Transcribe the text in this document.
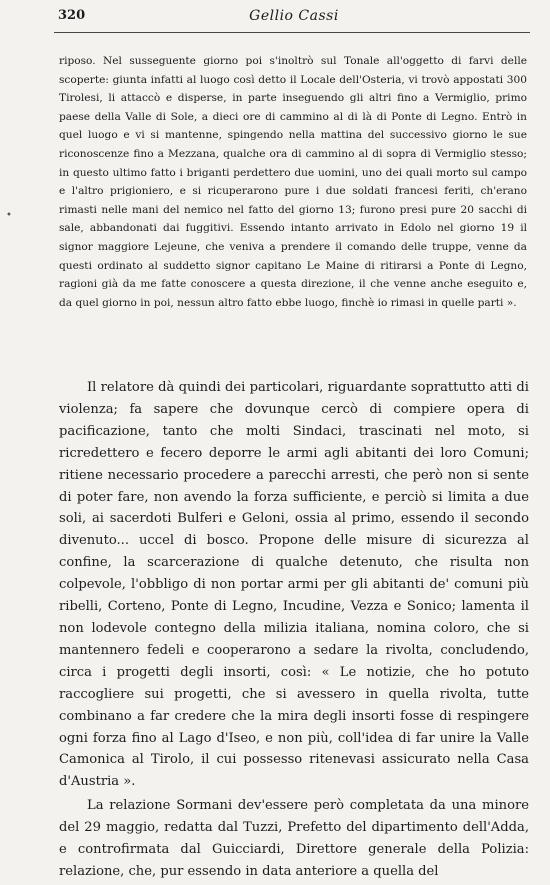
320	Gellio Cassi
•

riposo. Nel susseguente giorno poi s'inoltrò sul Tonale all'oggetto di farvi delle scoperte: giunta infatti al luogo così detto il Locale dell'Osteria, vi trovò appostati 300 Tirolesi, li attaccò e disperse, in parte inseguendo gli altri fino a Vermiglio, primo paese della Valle di Sole, a dieci ore di cammino al di là di Ponte di Legno. Entrò in quel luogo e vi si mantenne, spingendo nella mattina del successivo giorno le sue riconoscenze fino a Mezzana, qualche ora di cammino al di sopra di Vermiglio stesso; in questo ultimo fatto i briganti perdettero due uomini, uno dei quali morto sul campo e l'altro prigioniero, e si ricuperarono pure i due soldati francesi feriti, ch'erano rimasti nelle mani del nemico nel fatto del giorno 13; furono presi pure 20 sacchi di sale, abbandonati dai fuggitivi. Essendo intanto arrivato in Edolo nel giorno 19 il signor maggiore Lejeune, che veniva a prendere il comando delle truppe, venne da questi ordinato al suddetto signor capitano Le Maine di ritirarsi a Ponte di Legno, ragioni già da me fatte conoscere a questa direzione, il che venne anche eseguito e, da quel giorno in poi, nessun altro fatto ebbe luogo, finchè io rimasi in quelle parti ».

Il relatore dà quindi dei particolari, riguardante soprattutto atti di violenza; fa sapere che dovunque cercò di compiere opera di pacificazione, tanto che molti Sindaci, trascinati nel moto, si ricredettero e fecero deporre le armi agli abitanti dei loro Comuni; ritiene necessario procedere a parecchi arresti, che però non si sente di poter fare, non avendo la forza sufficiente, e perciò si limita a due soli, ai sacerdoti Bulferi e Geloni, ossia al primo, essendo il secondo divenuto... uccel di bosco. Propone delle misure di sicurezza al confine, la scarcerazione di qualche detenuto, che risulta non colpevole, l'obbligo di non portar armi per gli abitanti de' comuni più ribelli, Corteno, Ponte di Legno, Incudine, Vezza e Sonico; lamenta il non lodevole contegno della milizia italiana, nomina coloro, che si mantennero fedeli e cooperarono a sedare la rivolta, concludendo, circa i progetti degli insorti, così: « Le notizie, che ho potuto raccogliere sui progetti, che si avessero in quella rivolta, tutte combinano a far credere che la mira degli insorti fosse di respingere ogni forza fino al Lago d'Iseo, e non più, coll'idea di far unire la Valle Camonica al Tirolo, il cui possesso ritenevasi assicurato nella Casa d'Austria ».

La relazione Sormani dev'essere però completata da una minore del 29 maggio, redatta dal Tuzzi, Prefetto del dipartimento dell'Adda, e controfirmata dal Guicciardi, Direttore generale della Polizia: relazione, che, pur essendo in data anteriore a quella del
